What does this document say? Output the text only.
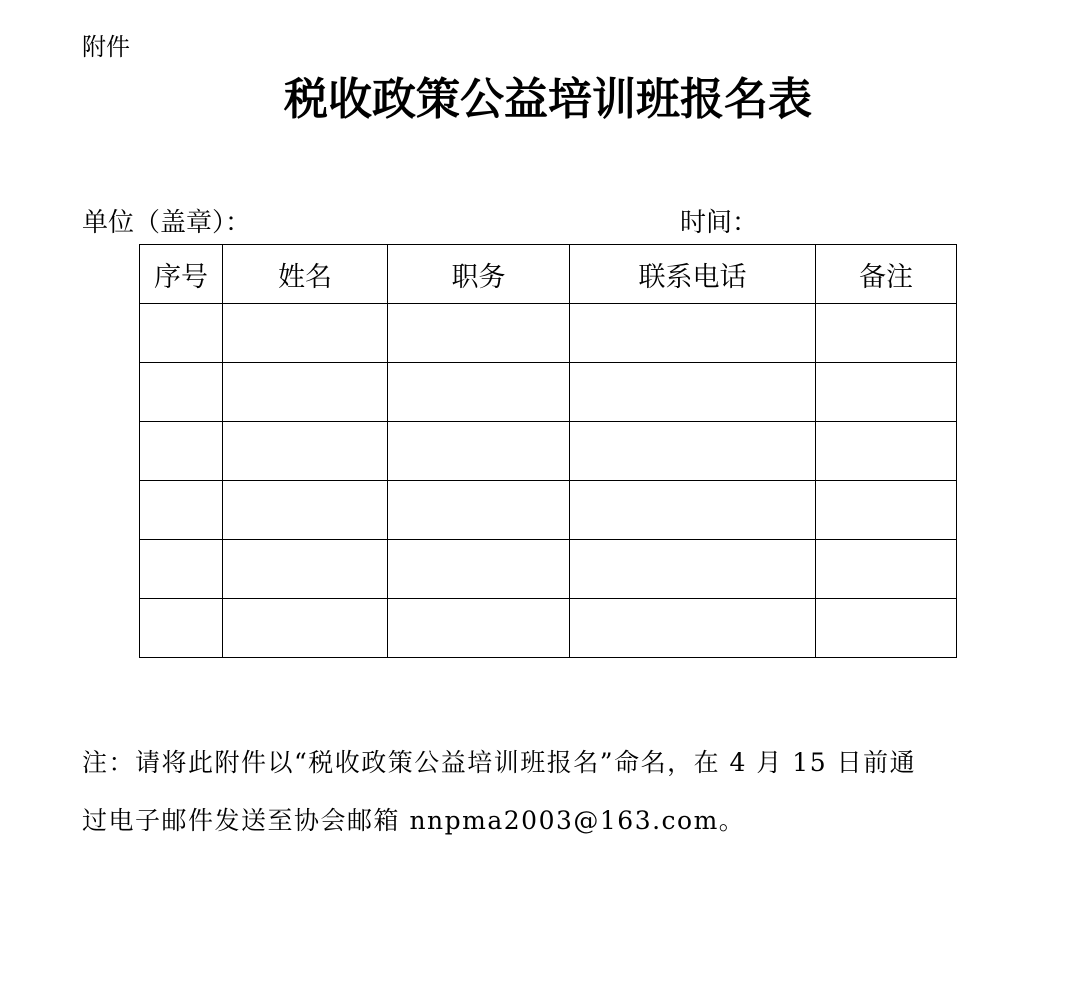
附件
税收政策公益培训班报名表
单位（盖章）：	时间：
序号	姓名	职务	联系电话	备注

注：请将此附件以“税收政策公益培训班报名”命名，在 4 月 15 日前通
过电子邮件发送至协会邮箱 nnpma2003@163.com。
